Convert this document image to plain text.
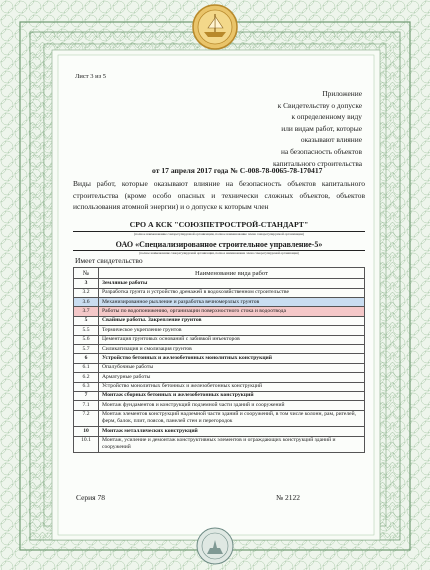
Лист 3 из 5
Приложение
к Свидетельству о допуске
к определенному виду
или видам работ, которые
оказывают влияние
на безопасность объектов
капитального строительства
от 17 апреля 2017 года № С-008-78-0065-78-170417
Виды работ, которые оказывают влияние на безопасность объектов капитального строительства (кроме особо опасных и технически сложных объектов, объектов использования атомной энергии) и о допуске к которым член
СРО А КСК "СОЮЗПЕТРОСТРОЙ-СТАНДАРТ"
(полное наименование саморегулируемой организации, полное наименование члена саморегулируемой организации)
ОАО «Специализированное строительное управление-5»
(полное наименование саморегулируемой организации, полное наименование члена саморегулируемой организации)
Имеет свидетельство
№	Наименование вида работ
3	Земляные работы
3.2	Разработка грунта и устройство дренажей в водохозяйственном строительстве
3.6	Механизированное рыхление и разработка вечномерзлых грунтов
3.7	Работы по водопонижению, организации поверхностного стока и водоотвода
5	Свайные работы. Закрепление грунтов
5.5	Термическое укрепление грунтов
5.6	Цементация грунтовых оснований с забивкой инъекторов
5.7	Силикатизация и смолизация грунтов
6	Устройство бетонных и железобетонных монолитных конструкций
6.1	Опалубочные работы
6.2	Арматурные работы
6.3	Устройство монолитных бетонных и железобетонных конструкций
7	Монтаж сборных бетонных и железобетонных конструкций
7.1	Монтаж фундаментов и конструкций подземной части зданий и сооружений
7.2	Монтаж элементов конструкций надземной части зданий и сооружений, в том числе колонн, рам, ригелей, ферм, балок, плит, поясов, панелей стен и перегородок
10	Монтаж металлических конструкций
10.1	Монтаж, усиление и демонтаж конструктивных элементов и ограждающих конструкций зданий и сооружений
Серия 78	№ 2122
